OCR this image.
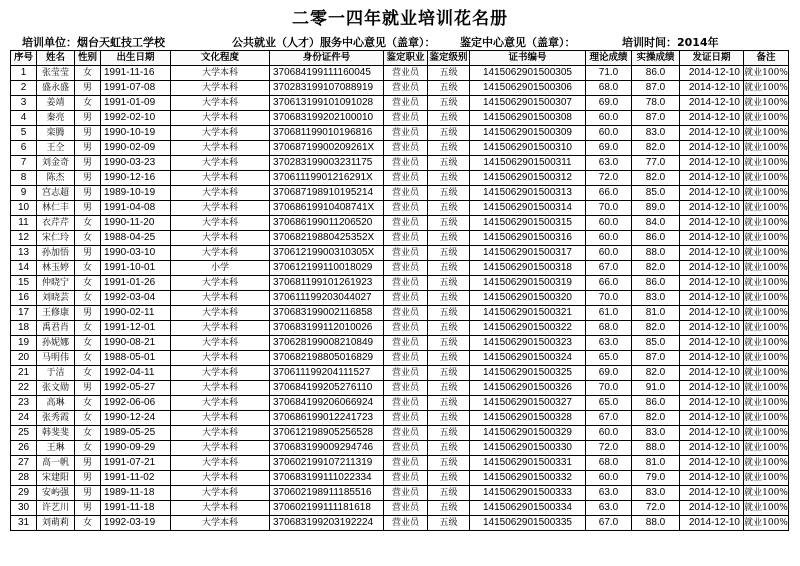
二零一四年就业培训花名册
培训单位：烟台天虹技工学校	公共就业（人才）服务中心意见（盖章）： 鉴定中心意见（盖章）：	培训时间：2014年
序号	姓名	性别	出生日期	文化程度	身份证件号	鉴定职业	鉴定级别	证书编号	理论成绩	实操成绩	发证日期	备注
1	张莹莹	女	1991-11-16	大学本科	370684199111160045	营业员	五级	1415062901500305	71.0	86.0	2014-12-10	就业100%
2	盛永盛	男	1991-07-08	大学本科	370283199107088919	营业员	五级	1415062901500306	68.0	87.0	2014-12-10	就业100%
3	姜靖	女	1991-01-09	大学本科	370613199101091028	营业员	五级	1415062901500307	69.0	78.0	2014-12-10	就业100%
4	秦亮	男	1992-02-10	大学本科	370683199202100010	营业员	五级	1415062901500308	60.0	87.0	2014-12-10	就业100%
5	栾腾	男	1990-10-19	大学本科	370681199010196816	营业员	五级	1415062901500309	60.0	83.0	2014-12-10	就业100%
6	王仝	男	1990-02-09	大学本科	37068719900209261X	营业员	五级	1415062901500310	69.0	82.0	2014-12-10	就业100%
7	刘金奇	男	1990-03-23	大学本科	370283199003231175	营业员	五级	1415062901500311	63.0	77.0	2014-12-10	就业100%
8	陈杰	男	1990-12-16	大学本科	37061119901216291X	营业员	五级	1415062901500312	72.0	82.0	2014-12-10	就业100%
9	宫志超	男	1989-10-19	大学本科	370687198910195214	营业员	五级	1415062901500313	66.0	85.0	2014-12-10	就业100%
10	林仁丰	男	1991-04-08	大学本科	37068619910408741X	营业员	五级	1415062901500314	70.0	89.0	2014-12-10	就业100%
11	衣芹芹	女	1990-11-20	大学本科	370686199011206520	营业员	五级	1415062901500315	60.0	84.0	2014-12-10	就业100%
12	宋仁玲	女	1988-04-25	大学本科	37068219880425352X	营业员	五级	1415062901500316	60.0	86.0	2014-12-10	就业100%
13	孙加悟	男	1990-03-10	大学本科	37061219900310305X	营业员	五级	1415062901500317	60.0	88.0	2014-12-10	就业100%
14	林玉婷	女	1991-10-01	小学	370612199110018029	营业员	五级	1415062901500318	67.0	82.0	2014-12-10	就业100%
15	仲晓宁	女	1991-01-26	大学本科	370681199101261923	营业员	五级	1415062901500319	66.0	86.0	2014-12-10	就业100%
16	刘晓芸	女	1992-03-04	大学本科	370611199203044027	营业员	五级	1415062901500320	70.0	83.0	2014-12-10	就业100%
17	王修康	男	1990-02-11	大学本科	370683199002116858	营业员	五级	1415062901500321	61.0	81.0	2014-12-10	就业100%
18	禹君肖	女	1991-12-01	大学本科	370683199112010026	营业员	五级	1415062901500322	68.0	82.0	2014-12-10	就业100%
19	孙妮娜	女	1990-08-21	大学本科	370628199008210849	营业员	五级	1415062901500323	63.0	85.0	2014-12-10	就业100%
20	马明伟	女	1988-05-01	大学本科	370682198805016829	营业员	五级	1415062901500324	65.0	87.0	2014-12-10	就业100%
21	于洁	女	1992-04-11	大学本科	370611199204111527	营业员	五级	1415062901500325	69.0	82.0	2014-12-10	就业100%
22	张文勋	男	1992-05-27	大学本科	370684199205276110	营业员	五级	1415062901500326	70.0	91.0	2014-12-10	就业100%
23	高琳	女	1992-06-06	大学本科	370684199206066924	营业员	五级	1415062901500327	65.0	86.0	2014-12-10	就业100%
24	张秀霞	女	1990-12-24	大学本科	370686199012241723	营业员	五级	1415062901500328	67.0	82.0	2014-12-10	就业100%
25	韩斐斐	女	1989-05-25	大学本科	370612198905256528	营业员	五级	1415062901500329	60.0	83.0	2014-12-10	就业100%
26	王琳	女	1990-09-29	大学本科	370683199009294746	营业员	五级	1415062901500330	72.0	88.0	2014-12-10	就业100%
27	高一帆	男	1991-07-21	大学本科	370602199107211319	营业员	五级	1415062901500331	68.0	81.0	2014-12-10	就业100%
28	宋建阳	男	1991-11-02	大学本科	370683199111022334	营业员	五级	1415062901500332	60.0	79.0	2014-12-10	就业100%
29	安屿强	男	1989-11-18	大学本科	370602198911185516	营业员	五级	1415062901500333	63.0	83.0	2014-12-10	就业100%
30	许艺川	男	1991-11-18	大学本科	370602199111181618	营业员	五级	1415062901500334	63.0	72.0	2014-12-10	就业100%
31	刘萌莉	女	1992-03-19	大学本科	370683199203192224	营业员	五级	1415062901500335	67.0	88.0	2014-12-10	就业100%
